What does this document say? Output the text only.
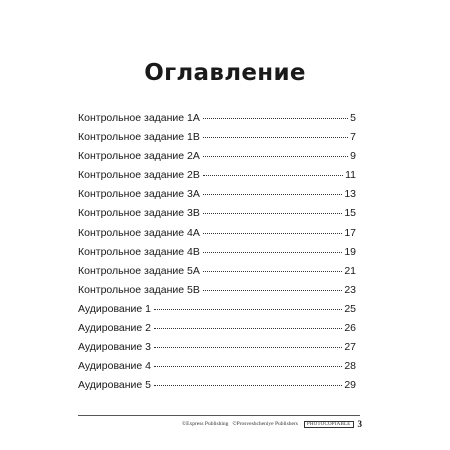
Оглавление
Контрольное задание 1А	5
Контрольное задание 1В	7
Контрольное задание 2А	9
Контрольное задание 2В	11
Контрольное задание 3А	13
Контрольное задание 3В	15
Контрольное задание 4А	17
Контрольное задание 4В	19
Контрольное задание 5А	21
Контрольное задание 5В	23
Аудирование 1	25
Аудирование 2	26
Аудирование 3	27
Аудирование 4	28
Аудирование 5	29
©Express Publishing ©Prosveshcheniye Publishers	PHOTOCOPIABLE 3
